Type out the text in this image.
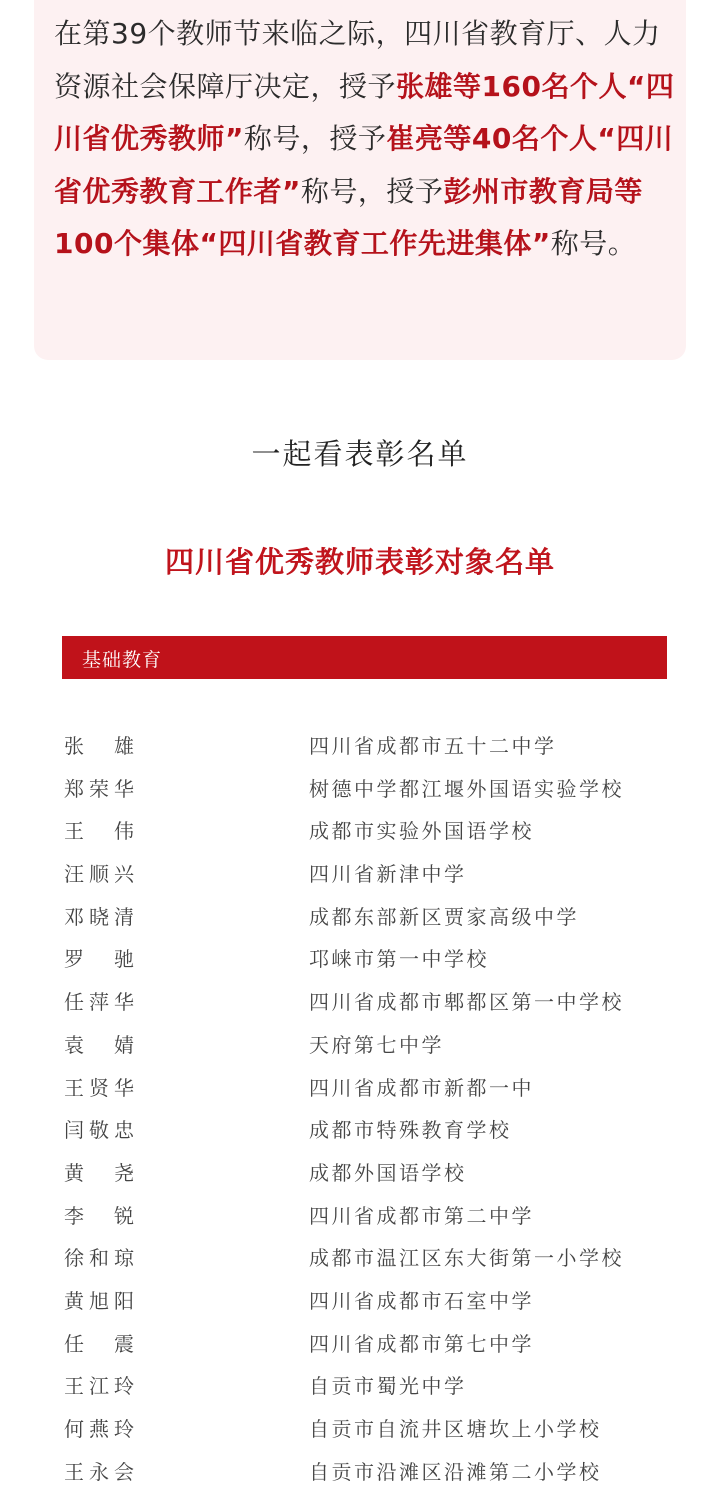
在第39个教师节来临之际，四川省教育厅、人力资源社会保障厅决定，授予张雄等160名个人“四川省优秀教师”称号，授予崔亮等40名个人“四川省优秀教育工作者”称号，授予彭州市教育局等100个集体“四川省教育工作先进集体”称号。
一起看表彰名单
四川省优秀教师表彰对象名单
基础教育
张 雄	四川省成都市五十二中学
郑荣华	树德中学都江堰外国语实验学校
王 伟	成都市实验外国语学校
汪顺兴	四川省新津中学
邓晓清	成都东部新区贾家高级中学
罗 驰	邛崃市第一中学校
任萍华	四川省成都市郫都区第一中学校
袁 婧	天府第七中学
王贤华	四川省成都市新都一中
闫敬忠	成都市特殊教育学校
黄 尧	成都外国语学校
李 锐	四川省成都市第二中学
徐和琼	成都市温江区东大街第一小学校
黄旭阳	四川省成都市石室中学
任 震	四川省成都市第七中学
王江玲	自贡市蜀光中学
何燕玲	自贡市自流井区塘坎上小学校
王永会	自贡市沿滩区沿滩第二小学校
